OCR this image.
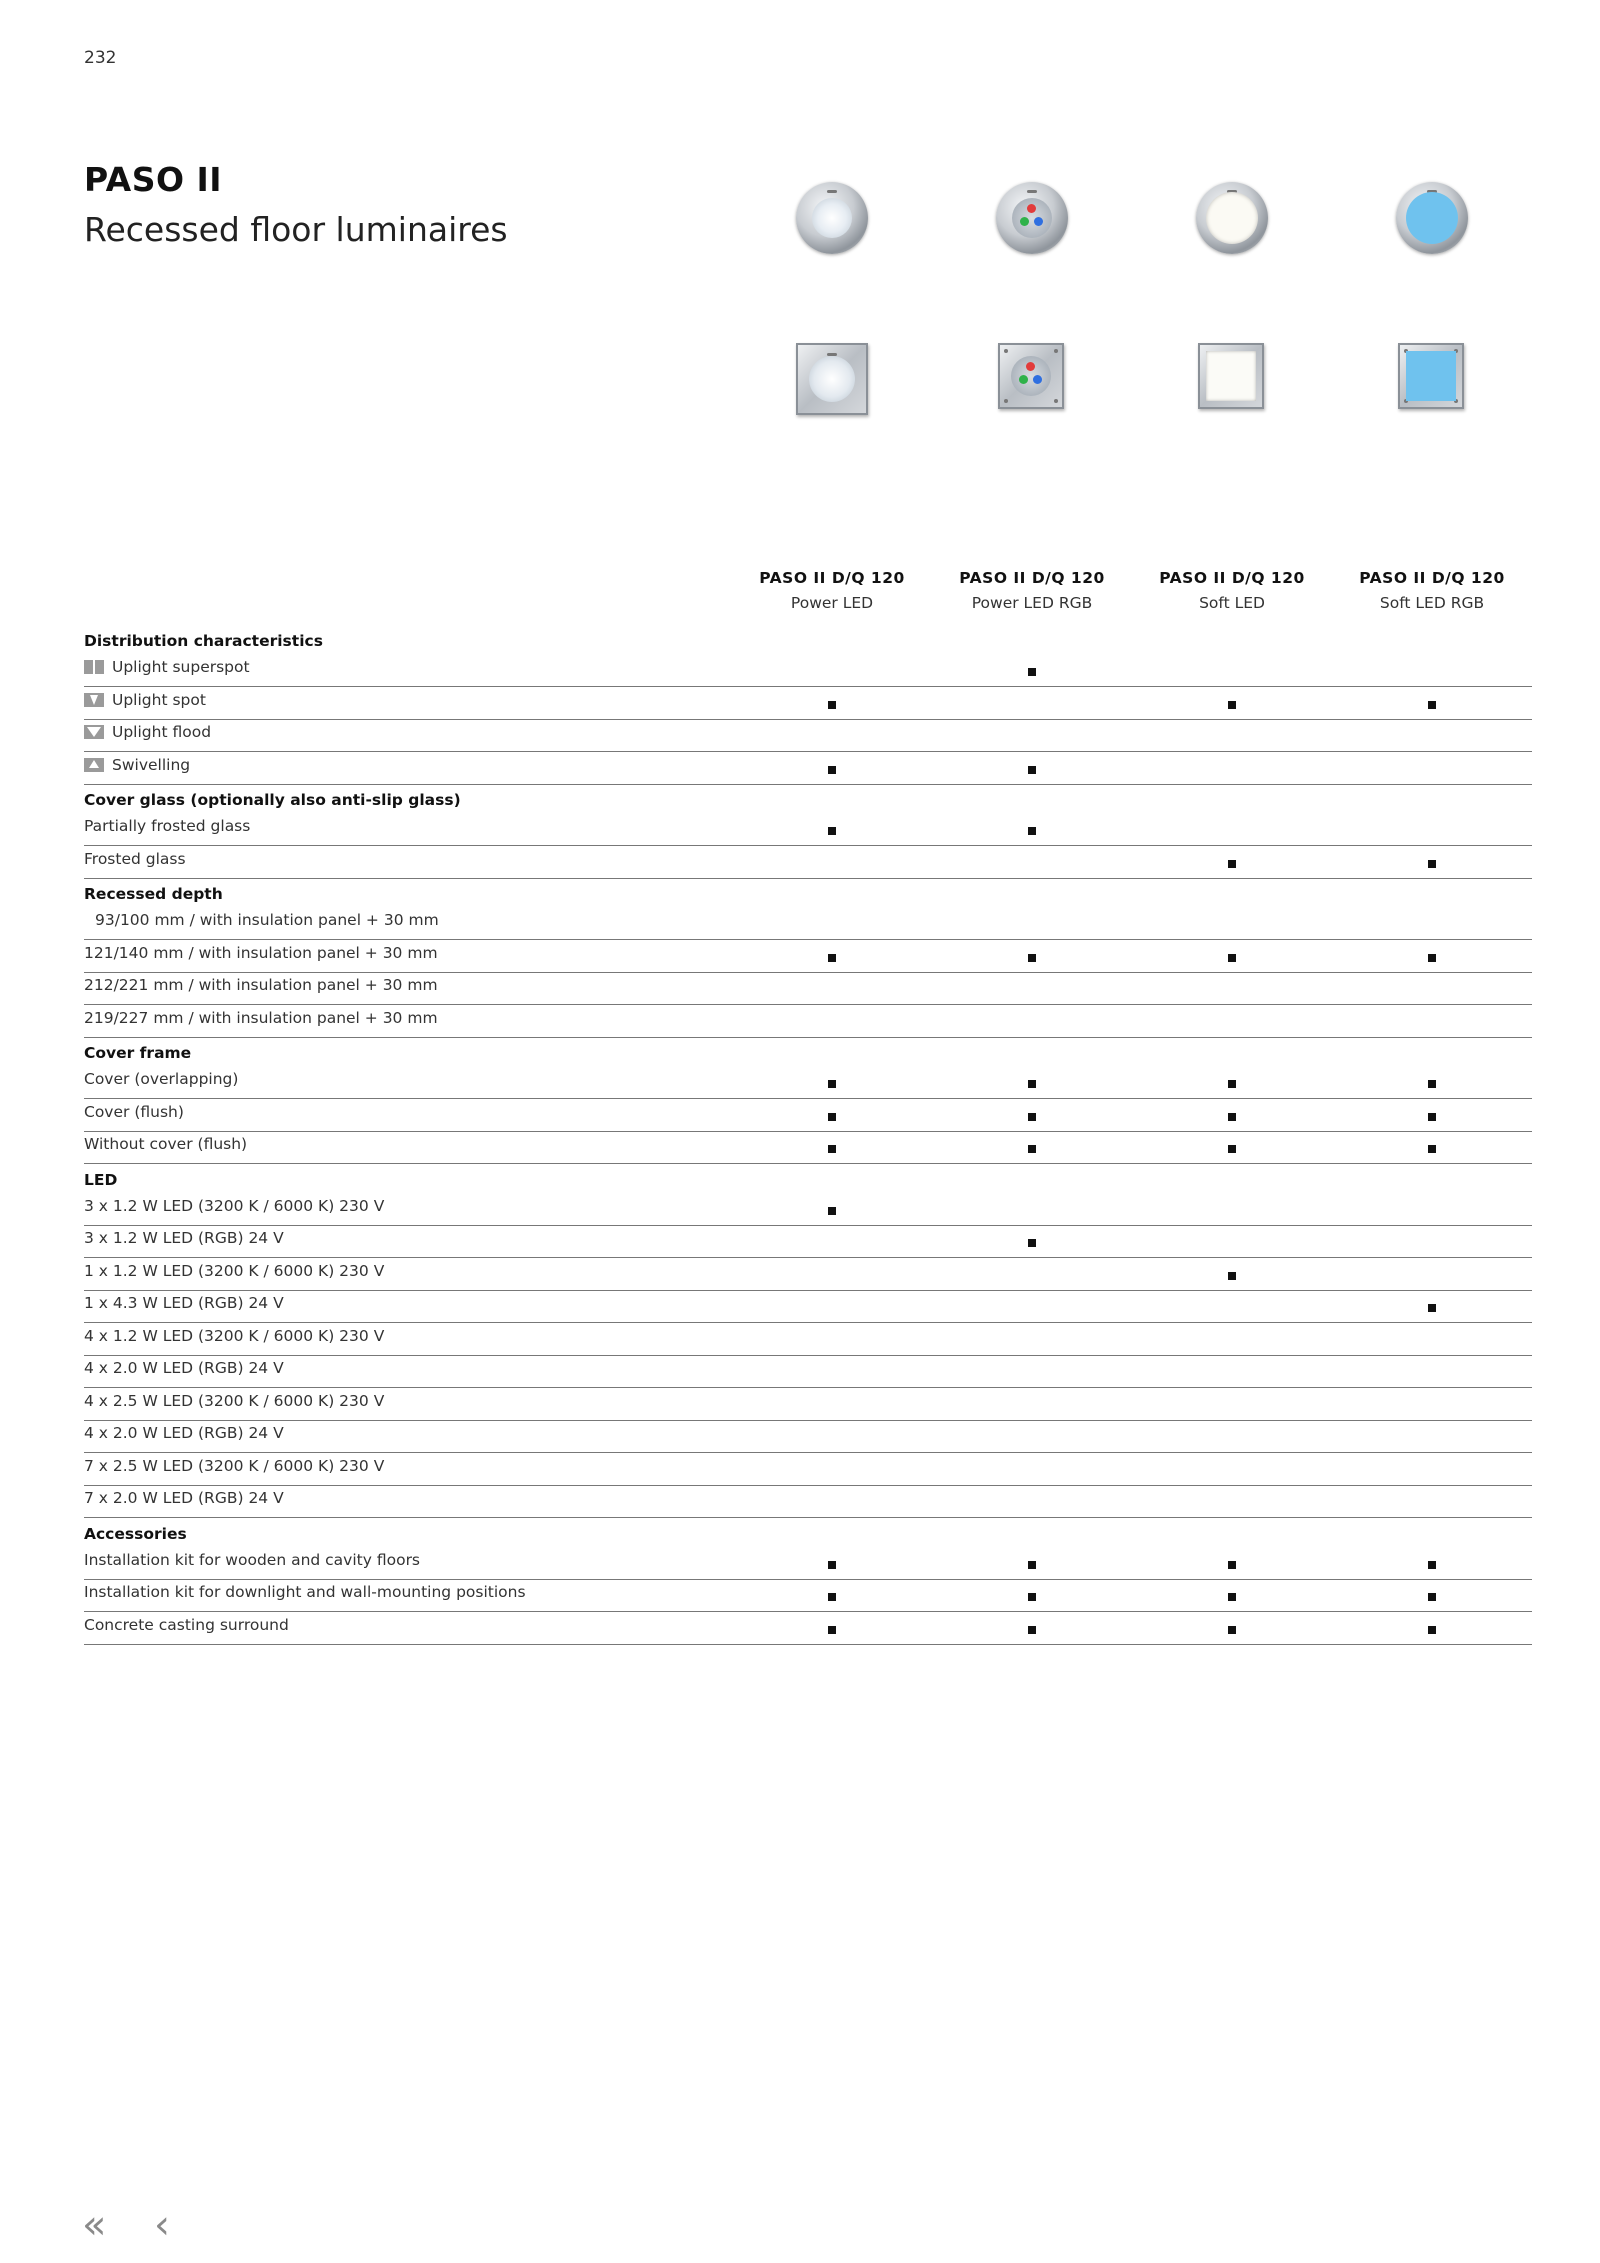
232
PASO II
Recessed floor luminaires
PASO II D/Q 120
Power LED
PASO II D/Q 120
Power LED RGB
PASO II D/Q 120
Soft LED
PASO II D/Q 120
Soft LED RGB
Distribution characteristics
Uplight superspot
Uplight spot
Uplight flood
Swivelling
Cover glass (optionally also anti-slip glass)
Partially frosted glass
Frosted glass
Recessed depth
93/100 mm / with insulation panel + 30 mm
121/140 mm / with insulation panel + 30 mm
212/221 mm / with insulation panel + 30 mm
219/227 mm / with insulation panel + 30 mm
Cover frame
Cover (overlapping)
Cover (flush)
Without cover (flush)
LED
3 x 1.2 W LED (3200 K / 6000 K) 230 V
3 x 1.2 W LED (RGB) 24 V
1 x 1.2 W LED (3200 K / 6000 K) 230 V
1 x 4.3 W LED (RGB) 24 V
4 x 1.2 W LED (3200 K / 6000 K) 230 V
4 x 2.0 W LED (RGB) 24 V
4 x 2.5 W LED (3200 K / 6000 K) 230 V
4 x 2.0 W LED (RGB) 24 V
7 x 2.5 W LED (3200 K / 6000 K) 230 V
7 x 2.0 W LED (RGB) 24 V
Accessories
Installation kit for wooden and cavity floors
Installation kit for downlight and wall-mounting positions
Concrete casting surround
« ‹
